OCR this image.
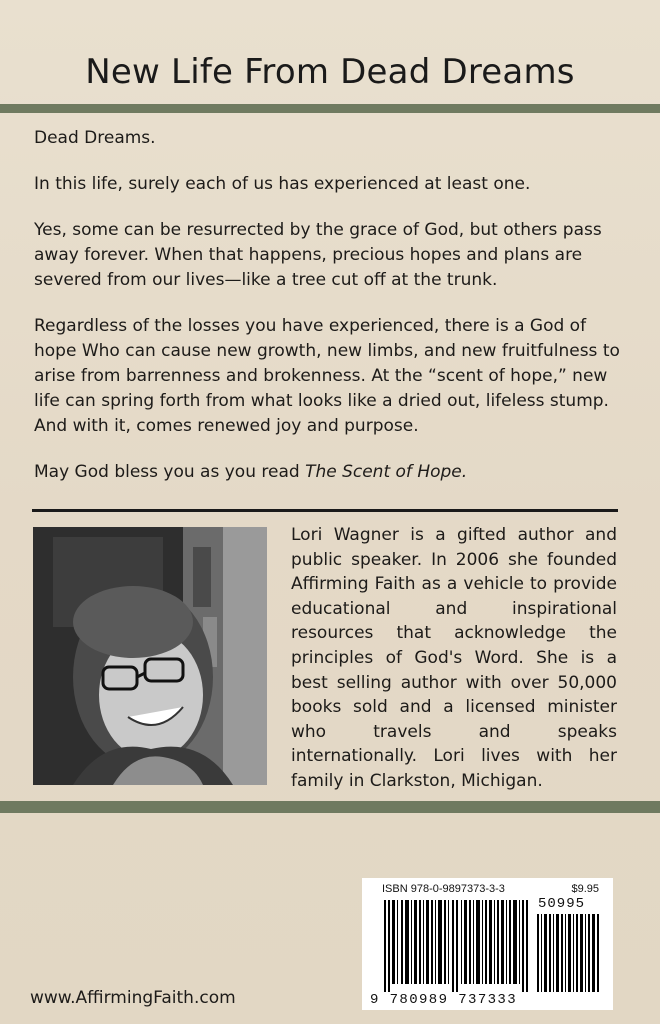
New Life From Dead Dreams

Dead Dreams.

In this life, surely each of us has experienced at least one.

Yes, some can be resurrected by the grace of God, but others pass away forever. When that happens, precious hopes and plans are severed from our lives—like a tree cut off at the trunk.

Regardless of the losses you have experienced, there is a God of hope Who can cause new growth, new limbs, and new fruitfulness to arise from barrenness and brokenness. At the “scent of hope,” new life can spring forth from what looks like a dried out, lifeless stump. And with it, comes renewed joy and purpose.

May God bless you as you read The Scent of Hope.

Lori Wagner is a gifted author and public speaker. In 2006 she founded Affirming Faith as a vehicle to provide educational and inspirational resources that acknowledge the principles of God's Word. She is a best selling author with over 50,000 books sold and a licensed minister who travels and speaks internationally. Lori lives with her family in Clarkston, Michigan.
ISBN 978-0-9897373-3-3	$9.95
50995
9 780989 737333
www.AffirmingFaith.com
